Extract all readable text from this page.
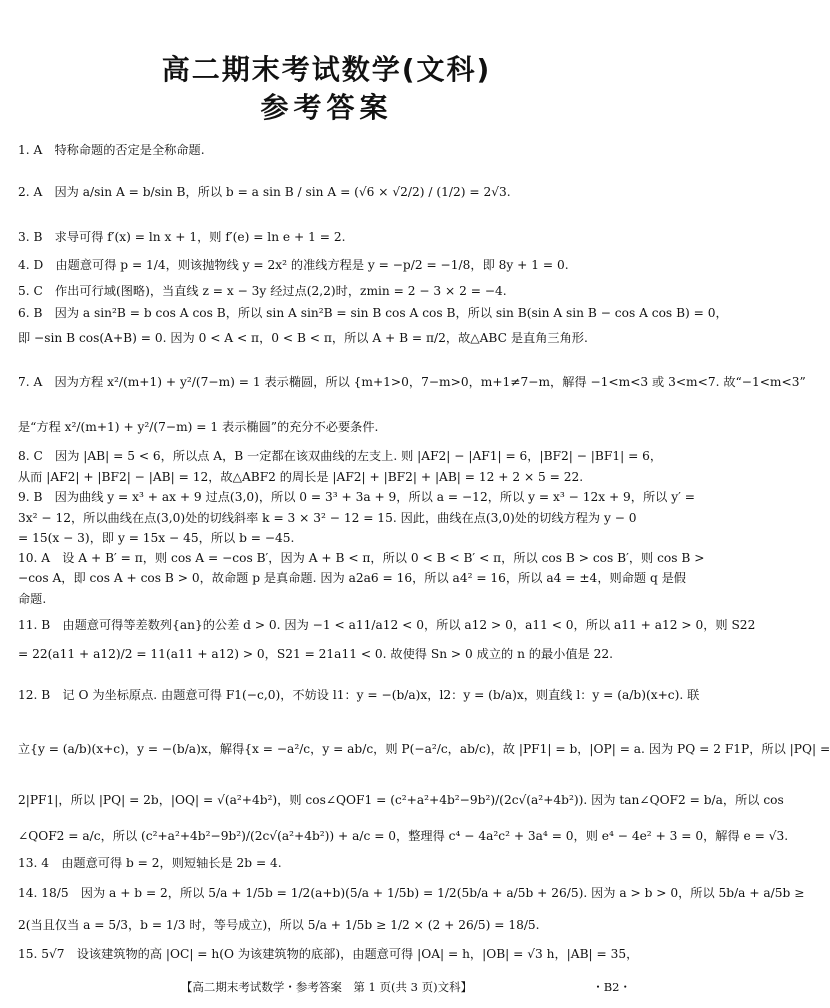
高二期末考试数学(文科)
参考答案
1. A　特称命题的否定是全称命题.
2. A　因为 a/sin A = b/sin B，所以 b = a sin B / sin A = (√6 × √2/2) / (1/2) = 2√3.
3. B　求导可得 f′(x) = ln x + 1，则 f′(e) = ln e + 1 = 2.
4. D　由题意可得 p = 1/4，则该抛物线 y = 2x² 的准线方程是 y = −p/2 = −1/8，即 8y + 1 = 0.
5. C　作出可行域(图略)，当直线 z = x − 3y 经过点(2,2)时，zmin = 2 − 3 × 2 = −4.
6. B　因为 a sin²B = b cos A cos B，所以 sin A sin²B = sin B cos A cos B，所以 sin B(sin A sin B − cos A cos B) = 0，
即 −sin B cos(A+B) = 0. 因为 0 < A < π，0 < B < π，所以 A + B = π/2，故△ABC 是直角三角形.
7. A　因为方程 x²/(m+1) + y²/(7−m) = 1 表示椭圆，所以 {m+1>0，7−m>0，m+1≠7−m，解得 −1<m<3 或 3<m<7. 故“−1<m<3”
是“方程 x²/(m+1) + y²/(7−m) = 1 表示椭圆”的充分不必要条件.
8. C　因为 |AB| = 5 < 6，所以点 A，B 一定都在该双曲线的左支上. 则 |AF2| − |AF1| = 6，|BF2| − |BF1| = 6，
从而 |AF2| + |BF2| − |AB| = 12，故△ABF2 的周长是 |AF2| + |BF2| + |AB| = 12 + 2 × 5 = 22.
9. B　因为曲线 y = x³ + ax + 9 过点(3,0)，所以 0 = 3³ + 3a + 9，所以 a = −12，所以 y = x³ − 12x + 9，所以 y′ =
3x² − 12，所以曲线在点(3,0)处的切线斜率 k = 3 × 3² − 12 = 15. 因此，曲线在点(3,0)处的切线方程为 y − 0
= 15(x − 3)，即 y = 15x − 45，所以 b = −45.
10. A　设 A + B′ = π，则 cos A = −cos B′，因为 A + B < π，所以 0 < B < B′ < π，所以 cos B > cos B′，则 cos B >
−cos A，即 cos A + cos B > 0，故命题 p 是真命题. 因为 a2a6 = 16，所以 a4² = 16，所以 a4 = ±4，则命题 q 是假
命题.
11. B　由题意可得等差数列{an}的公差 d > 0. 因为 −1 < a11/a12 < 0，所以 a12 > 0，a11 < 0，所以 a11 + a12 > 0，则 S22
= 22(a11 + a12)/2 = 11(a11 + a12) > 0，S21 = 21a11 < 0. 故使得 Sn > 0 成立的 n 的最小值是 22.
12. B　记 O 为坐标原点. 由题意可得 F1(−c,0)，不妨设 l1：y = −(b/a)x，l2：y = (b/a)x，则直线 l：y = (a/b)(x+c). 联
立{y = (a/b)(x+c)，y = −(b/a)x，解得{x = −a²/c，y = ab/c，则 P(−a²/c，ab/c)，故 |PF1| = b，|OP| = a. 因为 PQ = 2 F1P，所以 |PQ| =
2|PF1|，所以 |PQ| = 2b，|OQ| = √(a²+4b²)，则 cos∠QOF1 = (c²+a²+4b²−9b²)/(2c√(a²+4b²)). 因为 tan∠QOF2 = b/a，所以 cos
∠QOF2 = a/c，所以 (c²+a²+4b²−9b²)/(2c√(a²+4b²)) + a/c = 0，整理得 c⁴ − 4a²c² + 3a⁴ = 0，则 e⁴ − 4e² + 3 = 0，解得 e = √3.
13. 4　由题意可得 b = 2，则短轴长是 2b = 4.
14. 18/5　因为 a + b = 2，所以 5/a + 1/5b = 1/2(a+b)(5/a + 1/5b) = 1/2(5b/a + a/5b + 26/5). 因为 a > b > 0，所以 5b/a + a/5b ≥
2(当且仅当 a = 5/3，b = 1/3 时，等号成立)，所以 5/a + 1/5b ≥ 1/2 × (2 + 26/5) = 18/5.
15. 5√7　设该建筑物的高 |OC| = h(O 为该建筑物的底部)，由题意可得 |OA| = h，|OB| = √3 h，|AB| = 35，
【高二期末考试数学・参考答案　第 1 页(共 3 页)文科】	・B2・
